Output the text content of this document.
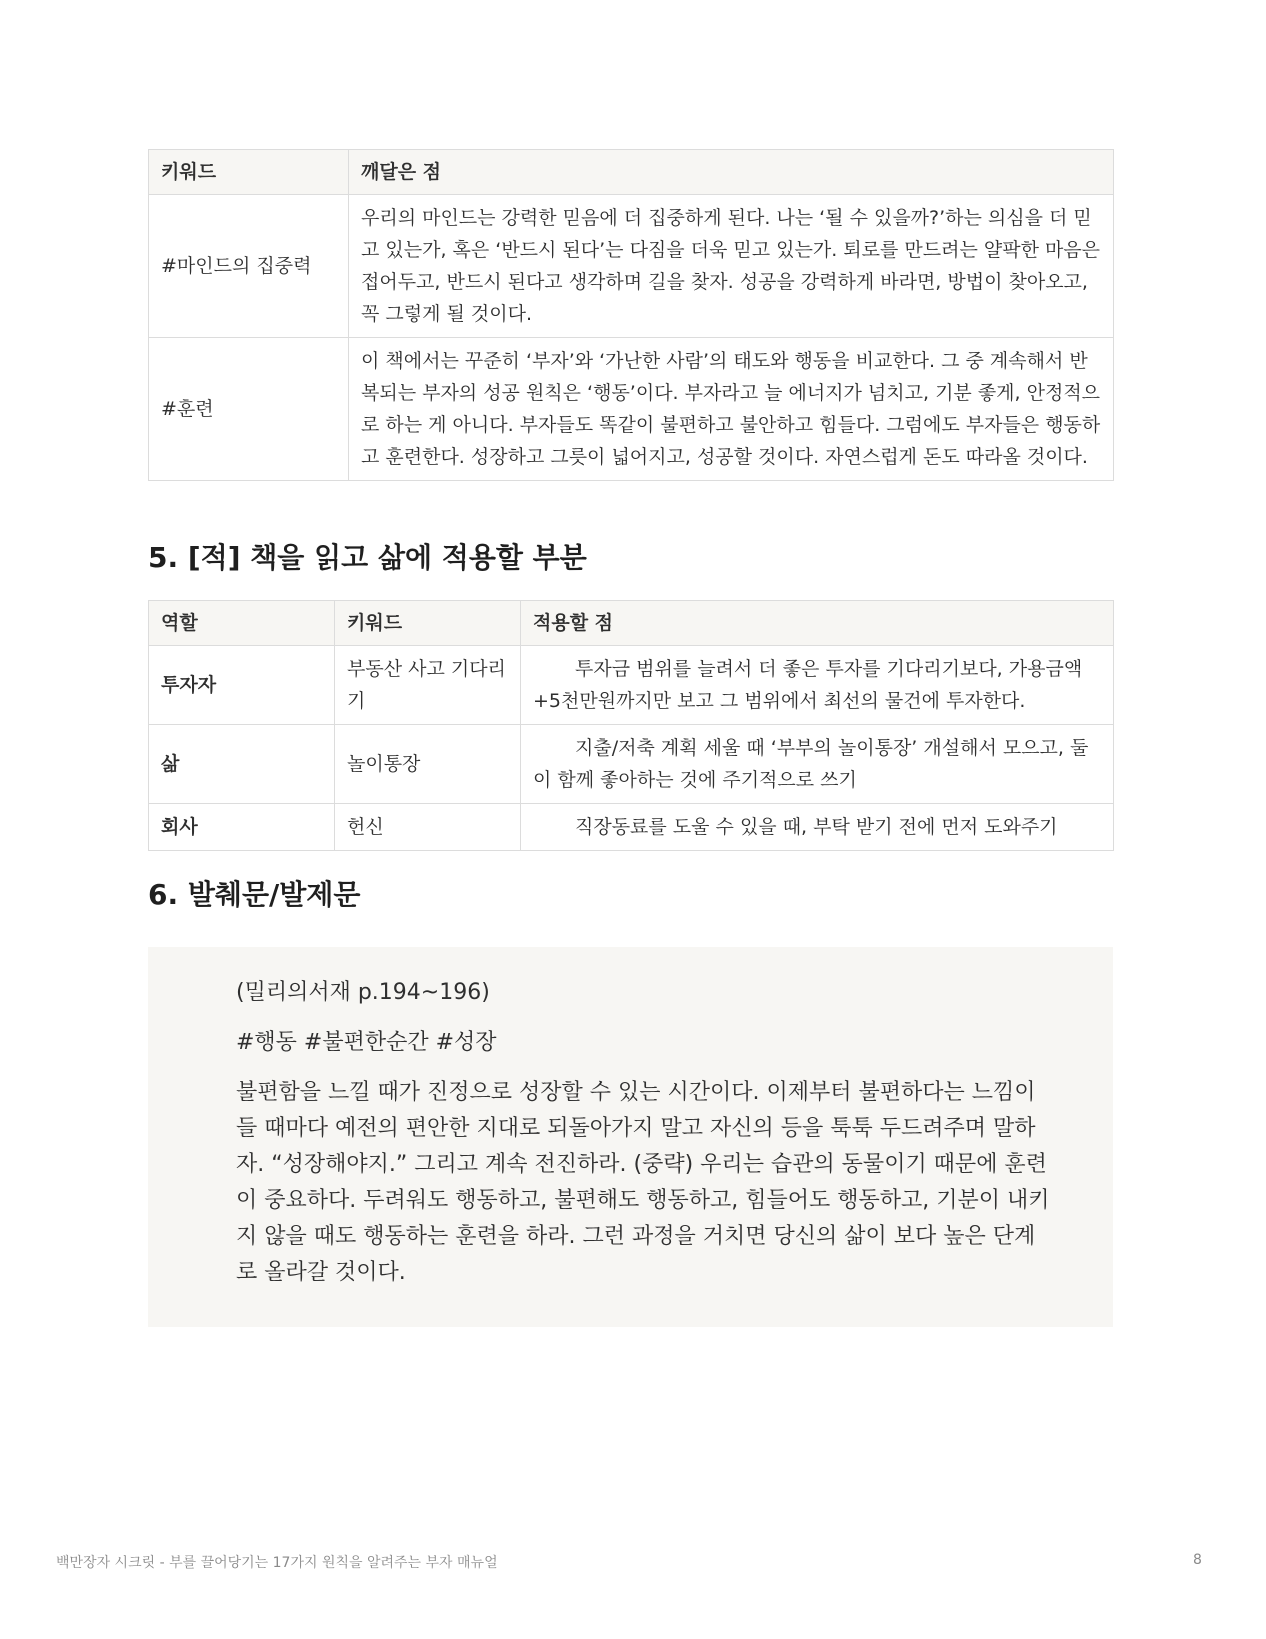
키워드	깨달은 점
#마인드의 집중력	우리의 마인드는 강력한 믿음에 더 집중하게 된다. 나는 ‘될 수 있을까?’하는 의심을 더 믿고 있는가, 혹은 ‘반드시 된다’는 다짐을 더욱 믿고 있는가. 퇴로를 만드려는 얄팍한 마음은 접어두고, 반드시 된다고 생각하며 길을 찾자. 성공을 강력하게 바라면, 방법이 찾아오고, 꼭 그렇게 될 것이다.
#훈련	이 책에서는 꾸준히 ‘부자’와 ‘가난한 사람’의 태도와 행동을 비교한다. 그 중 계속해서 반복되는 부자의 성공 원칙은 ‘행동’이다. 부자라고 늘 에너지가 넘치고, 기분 좋게, 안정적으로 하는 게 아니다. 부자들도 똑같이 불편하고 불안하고 힘들다. 그럼에도 부자들은 행동하고 훈련한다. 성장하고 그릇이 넓어지고, 성공할 것이다. 자연스럽게 돈도 따라올 것이다.
5. [적] 책을 읽고 삶에 적용할 부분
역할	키워드	적용할 점
투자자	부동산 사고 기다리기	투자금 범위를 늘려서 더 좋은 투자를 기다리기보다, 가용금액+5천만원까지만 보고 그 범위에서 최선의 물건에 투자한다.
삶	놀이통장	지출/저축 계획 세울 때 ‘부부의 놀이통장’ 개설해서 모으고, 둘이 함께 좋아하는 것에 주기적으로 쓰기
회사	헌신	직장동료를 도울 수 있을 때, 부탁 받기 전에 먼저 도와주기
6. 발췌문/발제문

(밀리의서재 p.194~196)

#행동 #불편한순간 #성장

불편함을 느낄 때가 진정으로 성장할 수 있는 시간이다. 이제부터 불편하다는 느낌이 들 때마다 예전의 편안한 지대로 되돌아가지 말고 자신의 등을 툭툭 두드려주며 말하자. “성장해야지.” 그리고 계속 전진하라. (중략) 우리는 습관의 동물이기 때문에 훈련이 중요하다. 두려워도 행동하고, 불편해도 행동하고, 힘들어도 행동하고, 기분이 내키지 않을 때도 행동하는 훈련을 하라. 그런 과정을 거치면 당신의 삶이 보다 높은 단계로 올라갈 것이다.

백만장자 시크릿 - 부를 끌어당기는 17가지 원칙을 알려주는 부자 매뉴얼	8
